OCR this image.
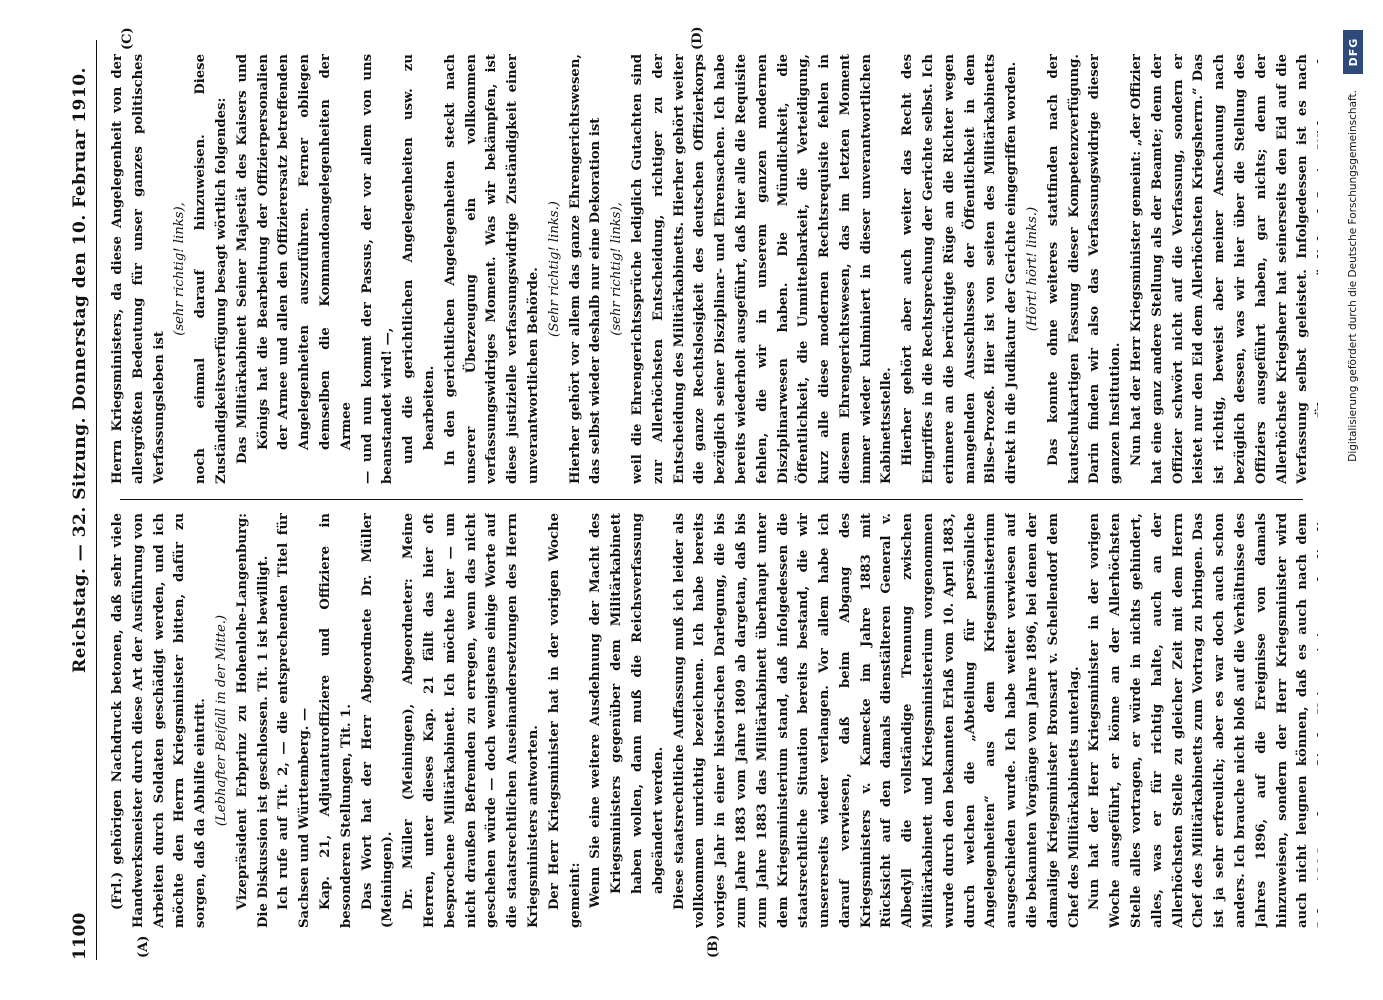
1100
Reichstag. — 32. Sitzung. Donnerstag den 10. Februar 1910.
(A)	(B)
(C)	(D)

(Frl.) gehörigen Nachdruck betonen, daß sehr viele Handwerksmeister durch diese Art der Ausführung von Arbeiten durch Soldaten geschädigt werden, und ich möchte den Herrn Kriegsminister bitten, dafür zu sorgen, daß da Abhilfe eintritt. (Lebhafter Beifall in der Mitte.) Vizepräsident Erbprinz zu Hohenlohe-Langenburg: Die Diskussion ist geschlossen. Tit. 1 ist bewilligt. Ich rufe auf Tit. 2, — die entsprechenden Titel für Sachsen und Württemberg. — Kap. 21, Adjutanturoffiziere und Offiziere in besonderen Stellungen, Tit. 1. Das Wort hat der Herr Abgeordnete Dr. Müller (Meiningen). Dr. Müller (Meiningen), Abgeordneter: Meine Herren, unter dieses Kap. 21 fällt das hier oft besprochene Militärkabinett. Ich möchte hier — um nicht draußen Befremden zu erregen, wenn das nicht geschehen würde — doch wenigstens einige Worte auf die staatsrechtlichen Auseinandersetzungen des Herrn Kriegsministers antworten. Der Herr Kriegsminister hat in der vorigen Woche gemeint: Wenn Sie eine weitere Ausdehnung der Macht des Kriegsministers gegenüber dem Militärkabinett haben wollen, dann muß die Reichsverfassung abgeändert werden. Diese staatsrechtliche Auffassung muß ich leider als vollkommen unrichtig bezeichnen. Ich habe bereits voriges Jahr in einer historischen Darlegung, die bis zum Jahre 1883 vom Jahre 1809 ab dargetan, daß bis zum Jahre 1883 das Militärkabinett überhaupt unter dem Kriegsministerium stand, daß infolgedessen die staatsrechtliche Situation bereits bestand, die wir unsererseits wieder verlangen. Vor allem habe ich darauf verwiesen, daß beim Abgang des Kriegsministers v. Kamecke im Jahre 1883 mit Rücksicht auf den damals dienstälteren General v. Albedyll die vollständige Trennung zwischen Militärkabinett und Kriegsministerium vorgenommen wurde durch den bekannten Erlaß vom 10. April 1883, durch welchen die „Abteilung für persönliche Angelegenheiten“ aus dem Kriegsministerium ausgeschieden wurde. Ich habe weiter verwiesen auf die bekannten Vorgänge vom Jahre 1896, bei denen der damalige Kriegsminister Bronsart v. Schellendorf dem Chef des Militärkabinetts unterlag. Nun hat der Herr Kriegsminister in der vorigen Woche ausgeführt, er könne an der Allerhöchsten Stelle alles vortragen, er würde in nichts gehindert, alles, was er für richtig halte, auch an der Allerhöchsten Stelle zu gleicher Zeit mit dem Herrn Chef des Militärkabinetts zum Vortrag zu bringen. Das ist ja sehr erfreulich; aber es war doch auch schon anders. Ich brauche nicht bloß auf die Verhältnisse des Jahres 1896, auf die Ereignisse von damals hinzuweisen, sondern der Herr Kriegsminister wird auch nicht leugnen können, daß es auch nach dem

Herrn Kriegsministers, da diese Angelegenheit von der allergrößten Bedeutung für unser ganzes politisches Verfassungsleben ist

(sehr richtig! links), noch einmal darauf hinzuweisen. Diese Zuständigkeitsverfügung besagt wörtlich folgendes: Das Militärkabinett Seiner Majestät des Kaisers und Königs hat die Bearbeitung der Offizierpersonalien der Armee und allen den Offizierersatz betreffenden Angelegenheiten auszuführen. Ferner obliegen demselben die Kommandoangelegenheiten der Armee — und nun kommt der Passus, der vor allem von uns beanstandet wird! —, und die gerichtlichen Angelegenheiten usw. zu bearbeiten. In den gerichtlichen Angelegenheiten steckt nach unserer Überzeugung ein vollkommen verfassungswidriges Moment. Was wir bekämpfen, ist diese justizielle verfassungswidrige Zuständigkeit einer unverantwortlichen Behörde. (Sehr richtig! links.) Hierher gehört vor allem das ganze Ehrengerichtswesen, das selbst wieder deshalb nur eine Dekoration ist (sehr richtig! links), weil die Ehrengerichtssprüche lediglich Gutachten sind zur Allerhöchsten Entscheidung, richtiger zu der Entscheidung des Militärkabinetts. Hierher gehört weiter die ganze Rechtslosigkeit des deutschen Offizierkorps bezüglich seiner Disziplinar- und Ehrensachen. Ich habe bereits wiederholt ausgeführt, daß hier alle die Requisite fehlen, die wir in unserem ganzen modernen Disziplinarwesen haben. Die Mündlichkeit, die Öffentlichkeit, die Unmittelbarkeit, die Verteidigung, kurz alle diese modernen Rechtsrequisite fehlen in diesem Ehrengerichtswesen, das im letzten Moment immer wieder kulminiert in dieser unverantwortlichen Kabinettsstelle. Hierher gehört aber auch weiter das Recht des Eingriffes in die Rechtsprechung der Gerichte selbst. Ich erinnere an die berüchtigte Rüge an die Richter wegen mangelnden Ausschlusses der Öffentlichkeit in dem Bilse-Prozeß. Hier ist von seiten des Militärkabinetts direkt in die Judikatur der Gerichte eingegriffen worden. (Hört! hört! links.) Das konnte ohne weiteres stattfinden nach der kautschukartigen Fassung dieser Kompetenzverfügung. Darin finden wir also das Verfassungswidrige dieser ganzen Institution. Nun hat der Herr Kriegsminister gemeint: „der Offizier hat eine ganz andere Stellung als der Beamte; denn der Offizier schwört nicht auf die Verfassung, sondern er leistet nur den Eid dem Allerhöchsten Kriegsherrn.“ Das ist richtig, beweist aber meiner Anschauung nach bezüglich dessen, was wir hier über die Stellung des Offiziers ausgeführt haben, gar nichts; denn der Allerhöchste Kriegsherr hat seinerseits den Eid auf die Verfassung selbst geleistet. Infolgedessen ist es nach

Digitalisierung gefördert durch die Deutsche Forschungsgemeinschaft.
DFG
